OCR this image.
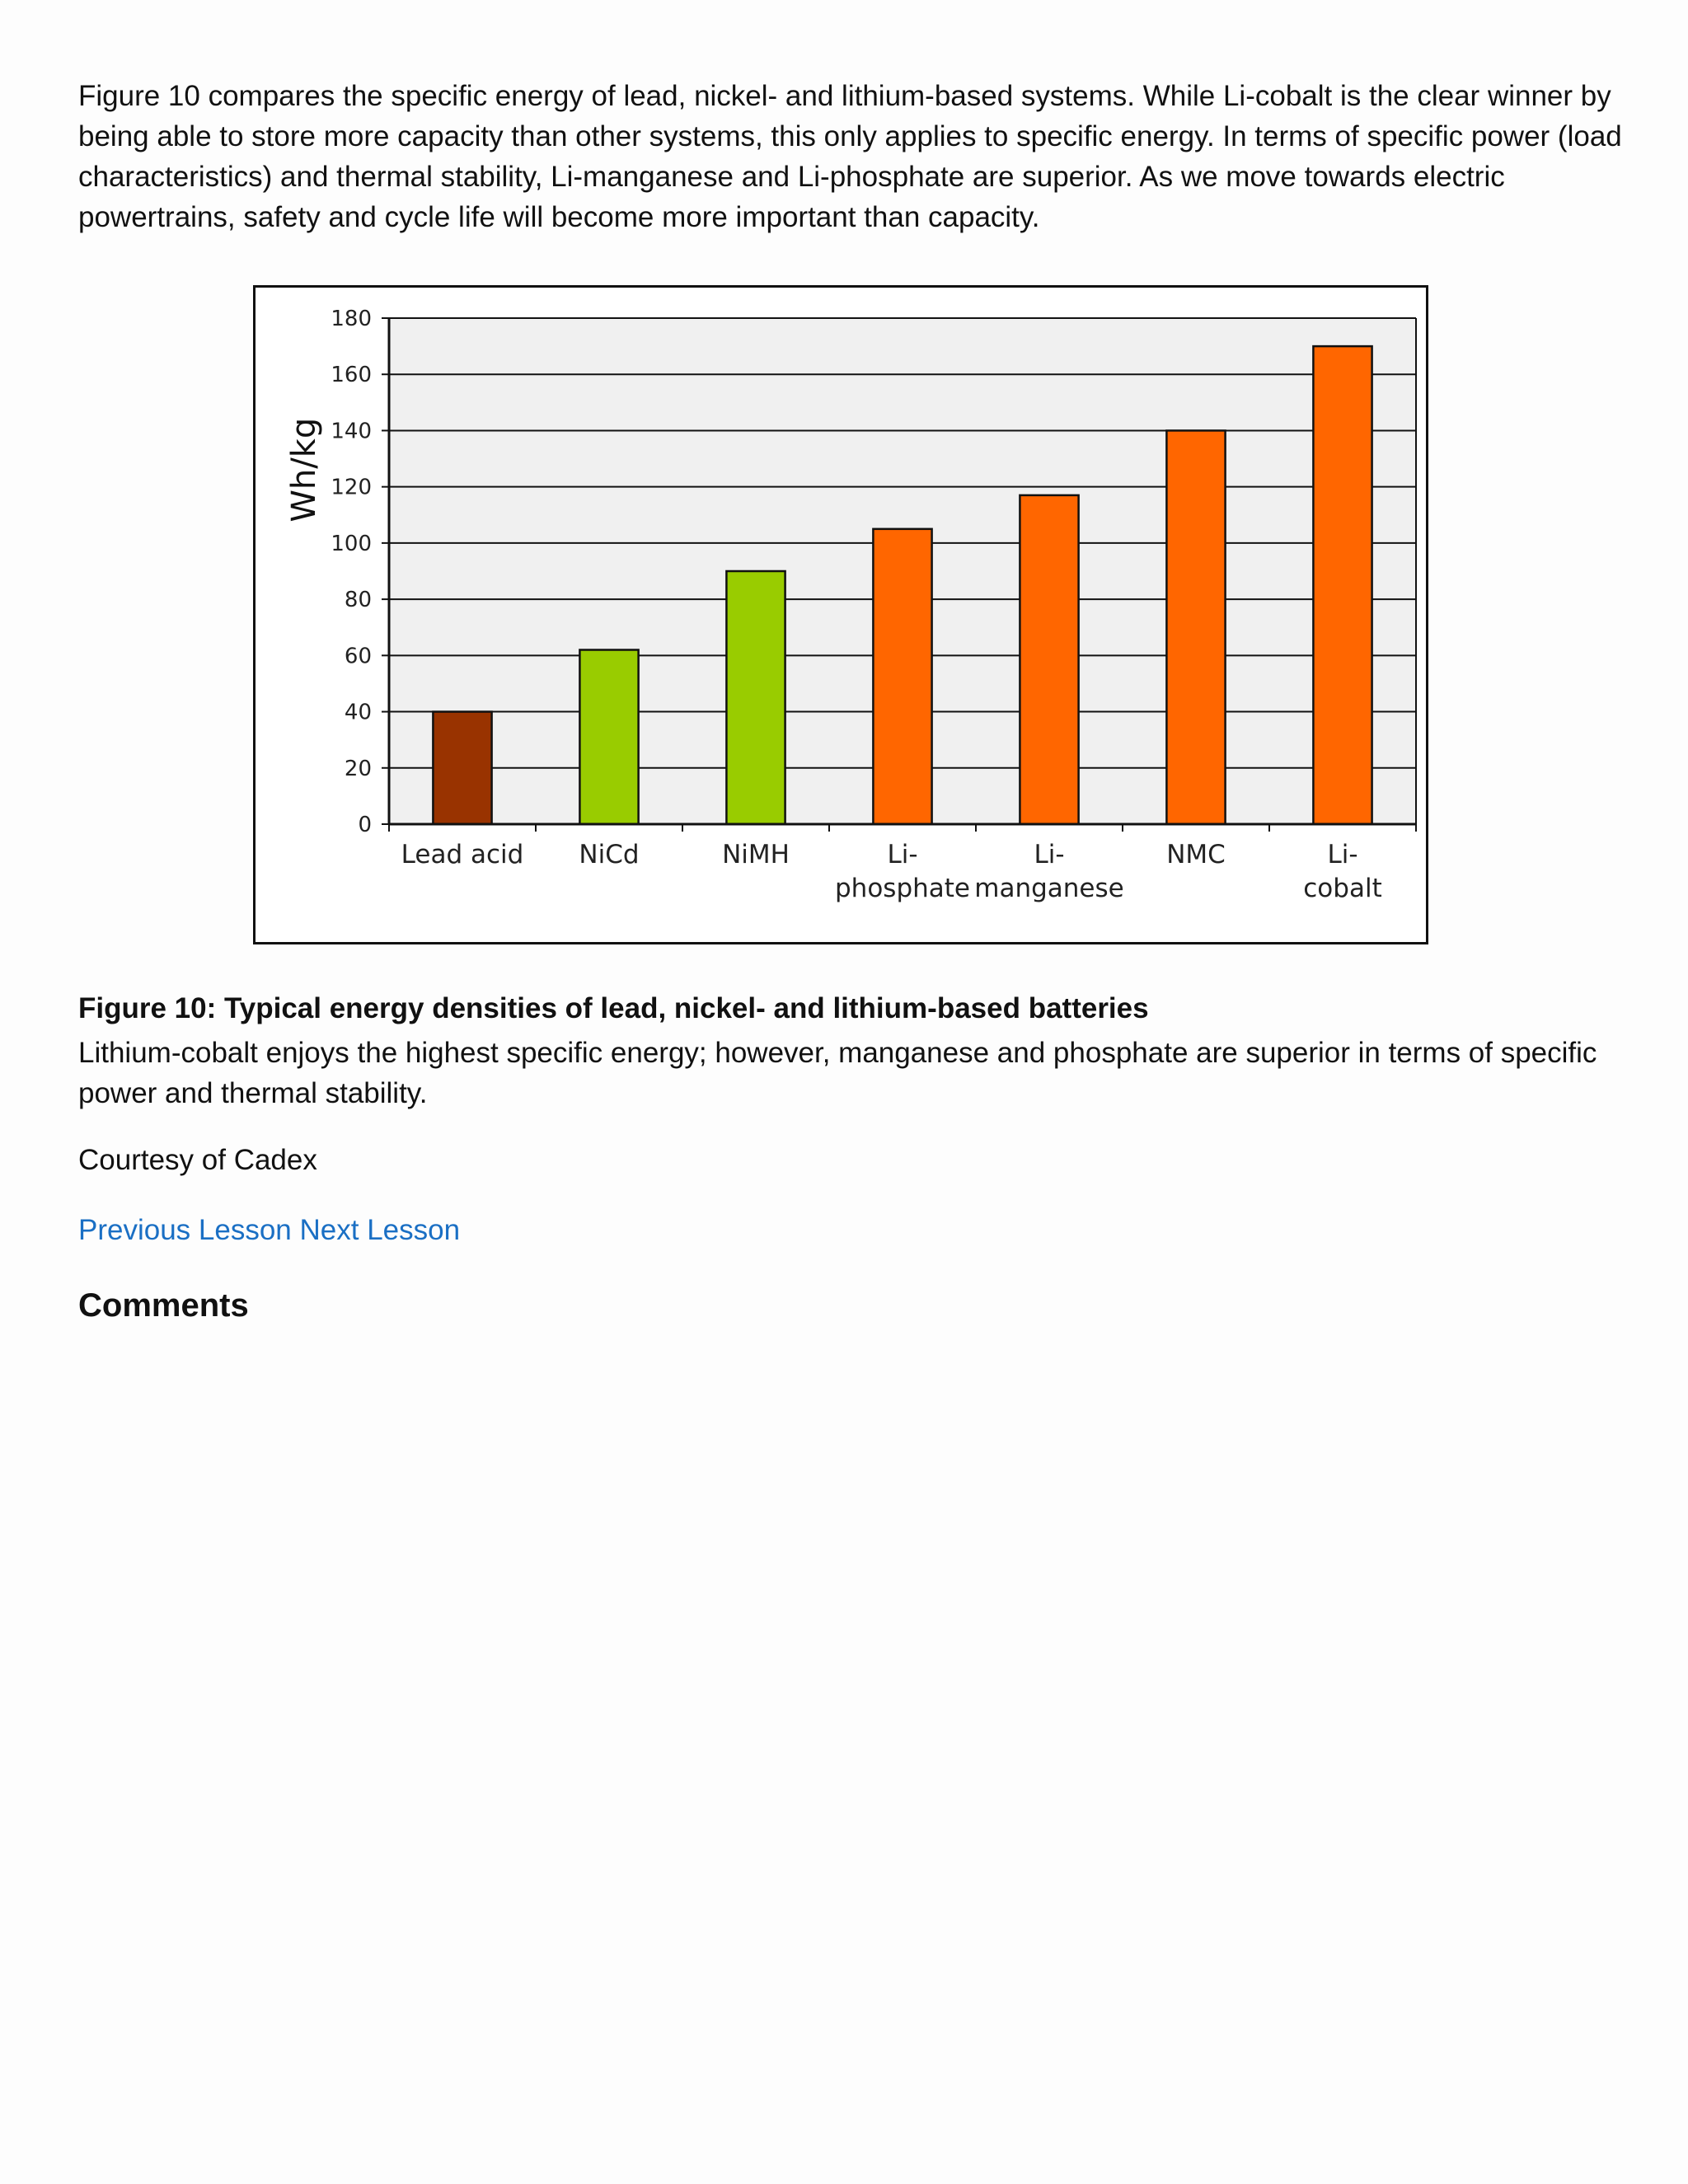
Figure 10 compares the specific energy of lead, nickel- and lithium-based systems. While Li-cobalt is the clear winner by being able to store more capacity than other systems, this only applies to specific energy. In terms of specific power (load characteristics) and thermal stability, Li-manganese and Li-phosphate are superior. As we move towards electric powertrains, safety and cycle life will become more important than capacity.

0
20
40
60
80
100
120
140
160
180
Lead acid NiCd	NiMH	Li-
phosphate
Li-
manganese
NMC	Li-
cobalt
Wh/kg

Figure 10: Typical energy densities of lead, nickel- and lithium-based batteries

Lithium-cobalt enjoys the highest specific energy; however, manganese and phosphate are superior in terms of specific power and thermal stability.

Courtesy of Cadex

Previous Lesson Next Lesson

Comments
